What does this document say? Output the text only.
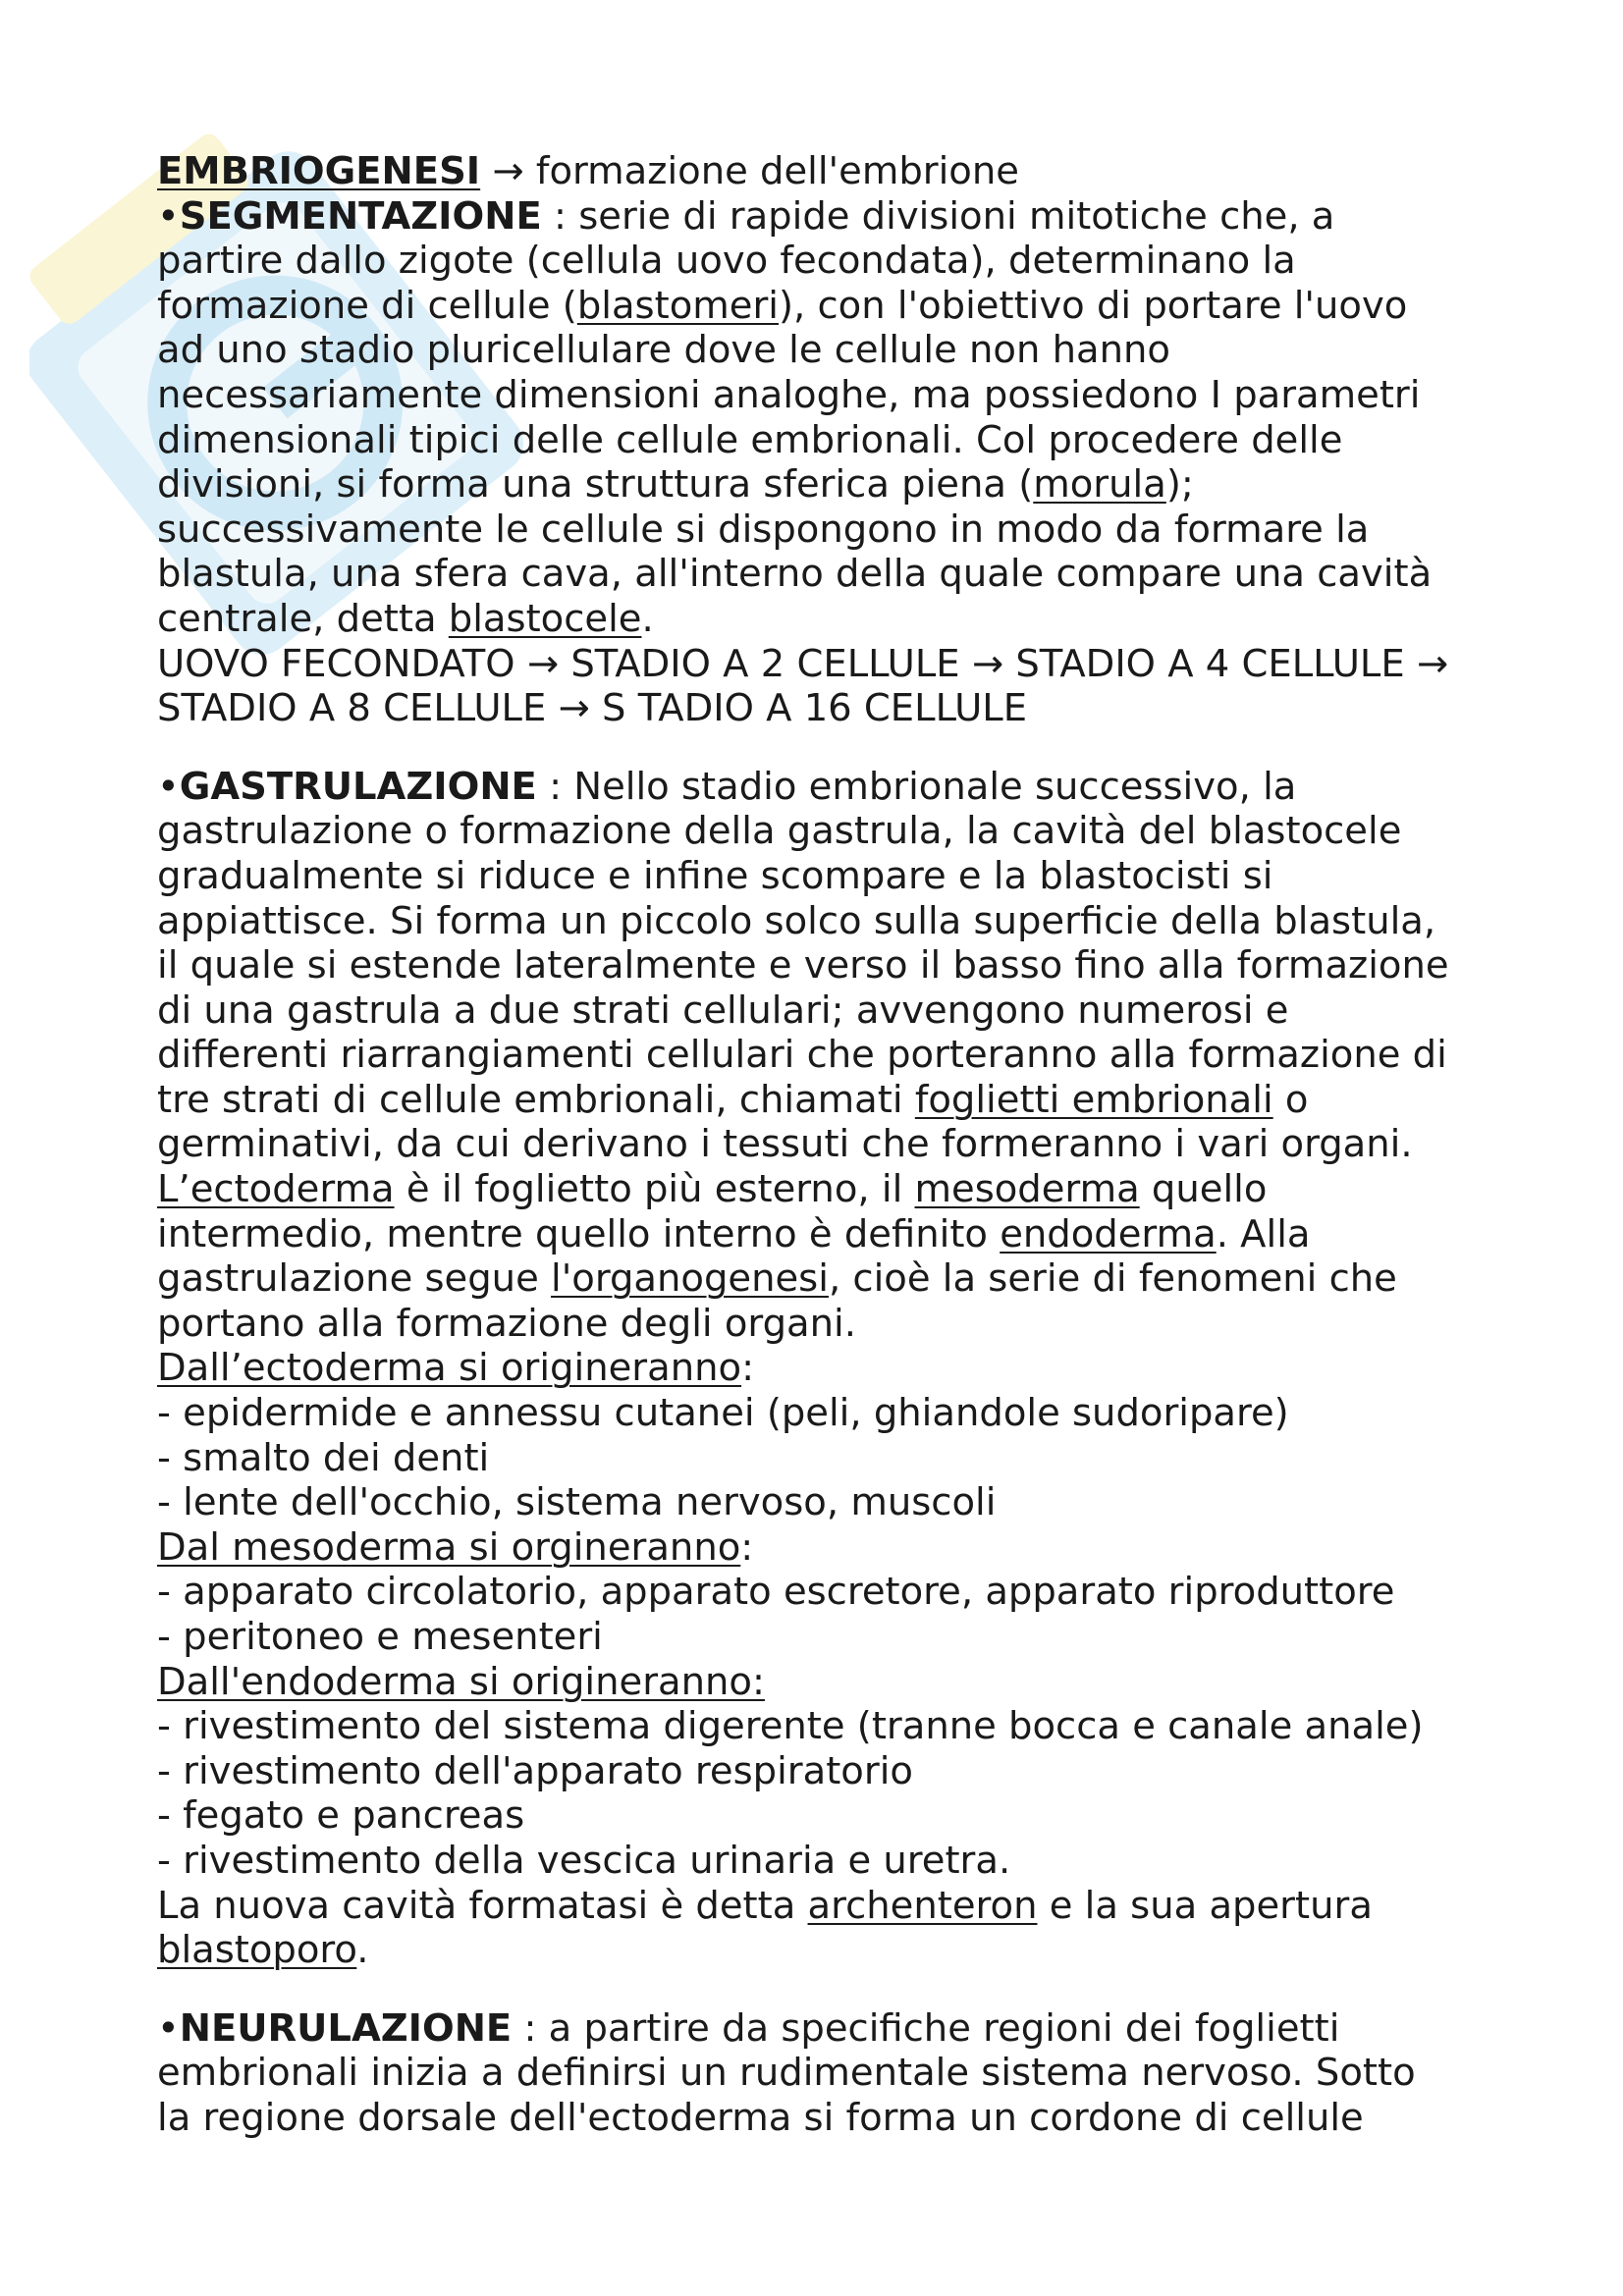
EMBRIOGENESI → formazione dell'embrione
•SEGMENTAZIONE : serie di rapide divisioni mitotiche che, a
partire dallo zigote (cellula uovo fecondata), determinano la
formazione di cellule (blastomeri), con l'obiettivo di portare l'uovo
ad uno stadio pluricellulare dove le cellule non hanno
necessariamente dimensioni analoghe, ma possiedono I parametri
dimensionali tipici delle cellule embrionali. Col procedere delle
divisioni, si forma una struttura sferica piena (morula);
successivamente le cellule si dispongono in modo da formare la
blastula, una sfera cava, all'interno della quale compare una cavità
centrale, detta blastocele.
UOVO FECONDATO → STADIO A 2 CELLULE → STADIO A 4 CELLULE →
STADIO A 8 CELLULE → S TADIO A 16 CELLULE
•GASTRULAZIONE : Nello stadio embrionale successivo, la
gastrulazione o formazione della gastrula, la cavità del blastocele
gradualmente si riduce e infine scompare e la blastocisti si
appiattisce. Si forma un piccolo solco sulla superficie della blastula,
il quale si estende lateralmente e verso il basso fino alla formazione
di una gastrula a due strati cellulari; avvengono numerosi e
differenti riarrangiamenti cellulari che porteranno alla formazione di
tre strati di cellule embrionali, chiamati foglietti embrionali o
germinativi, da cui derivano i tessuti che formeranno i vari organi.
L’ectoderma è il foglietto più esterno, il mesoderma quello
intermedio, mentre quello interno è definito endoderma. Alla
gastrulazione segue l'organogenesi, cioè la serie di fenomeni che
portano alla formazione degli organi.
Dall’ectoderma si origineranno:
- epidermide e annessu cutanei (peli, ghiandole sudoripare)
- smalto dei denti
- lente dell'occhio, sistema nervoso, muscoli
Dal mesoderma si orgineranno:
- apparato circolatorio, apparato escretore, apparato riproduttore
- peritoneo e mesenteri
Dall'endoderma si origineranno:
- rivestimento del sistema digerente (tranne bocca e canale anale)
- rivestimento dell'apparato respiratorio
- fegato e pancreas
- rivestimento della vescica urinaria e uretra.
La nuova cavità formatasi è detta archenteron e la sua apertura
blastoporo.
•NEURULAZIONE : a partire da specifiche regioni dei foglietti
embrionali inizia a definirsi un rudimentale sistema nervoso. Sotto
la regione dorsale dell'ectoderma si forma un cordone di cellule
